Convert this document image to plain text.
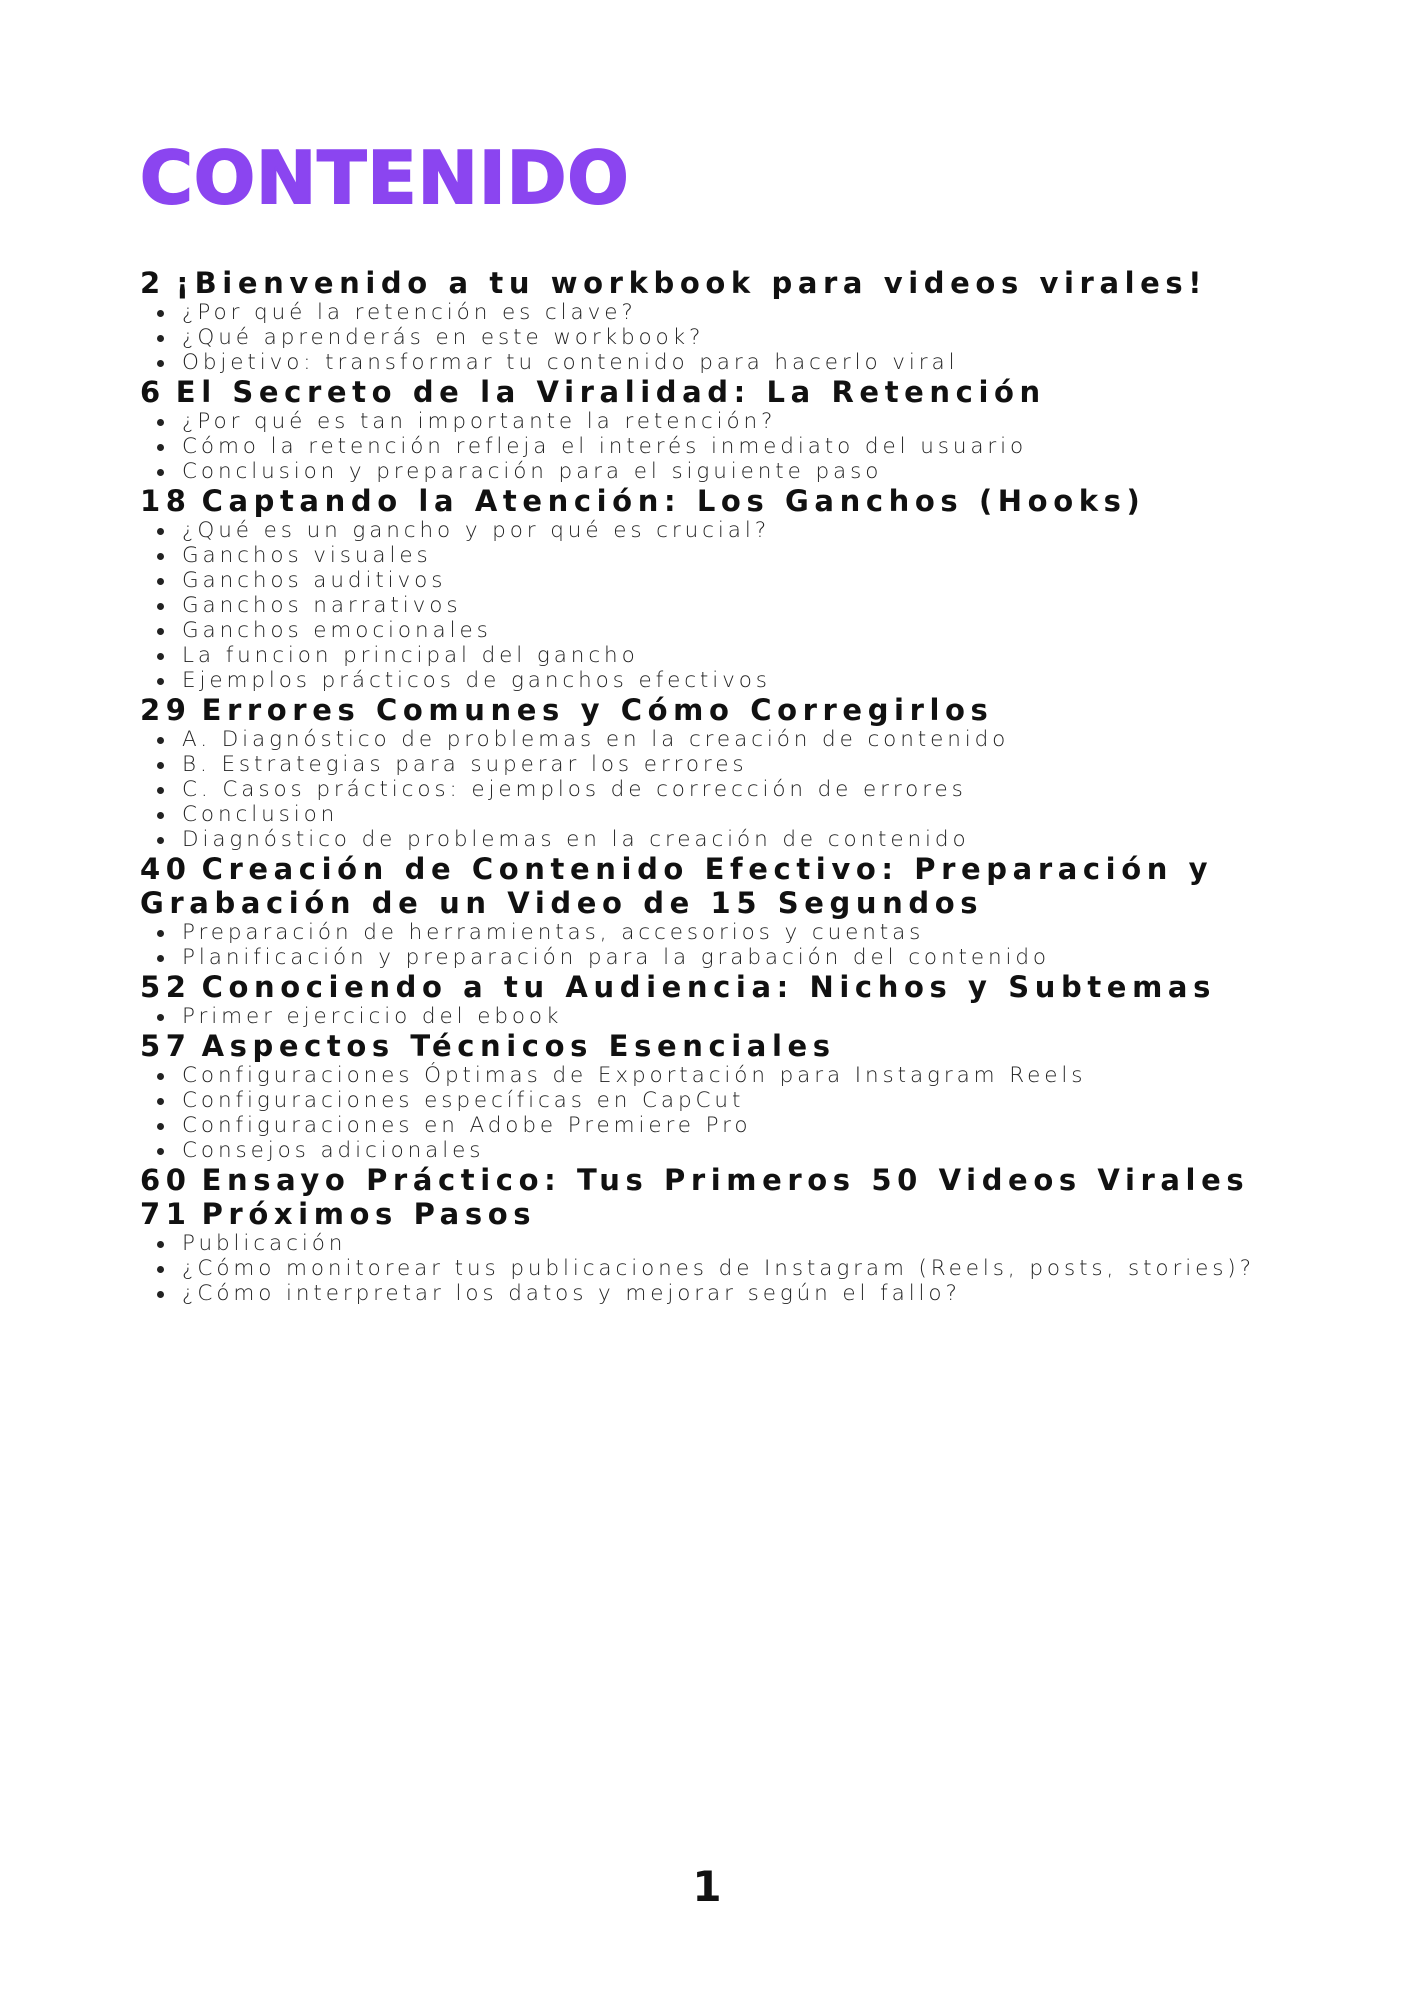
CONTENIDO
2 ¡Bienvenido a tu workbook para videos virales!
¿Por qué la retención es clave?
¿Qué aprenderás en este workbook?
Objetivo: transformar tu contenido para hacerlo viral
6 El Secreto de la Viralidad: La Retención
¿Por qué es tan importante la retención?
Cómo la retención refleja el interés inmediato del usuario
Conclusion y preparación para el siguiente paso
18 Captando la Atención: Los Ganchos (Hooks)
¿Qué es un gancho y por qué es crucial?
Ganchos visuales
Ganchos auditivos
Ganchos narrativos
Ganchos emocionales
La funcion principal del gancho
Ejemplos prácticos de ganchos efectivos
29 Errores Comunes y Cómo Corregirlos
A. Diagnóstico de problemas en la creación de contenido
B. Estrategias para superar los errores
C. Casos prácticos: ejemplos de corrección de errores
Conclusion
Diagnóstico de problemas en la creación de contenido
40 Creación de Contenido Efectivo: Preparación y Grabación de un Video de 15 Segundos
Preparación de herramientas, accesorios y cuentas
Planificación y preparación para la grabación del contenido
52 Conociendo a tu Audiencia: Nichos y Subtemas
Primer ejercicio del ebook
57 Aspectos Técnicos Esenciales
Configuraciones Óptimas de Exportación para Instagram Reels
Configuraciones específicas en CapCut
Configuraciones en Adobe Premiere Pro
Consejos adicionales
60 Ensayo Práctico: Tus Primeros 50 Videos Virales
71 Próximos Pasos
Publicación
¿Cómo monitorear tus publicaciones de Instagram (Reels, posts, stories)?
¿Cómo interpretar los datos y mejorar según el fallo?
1
